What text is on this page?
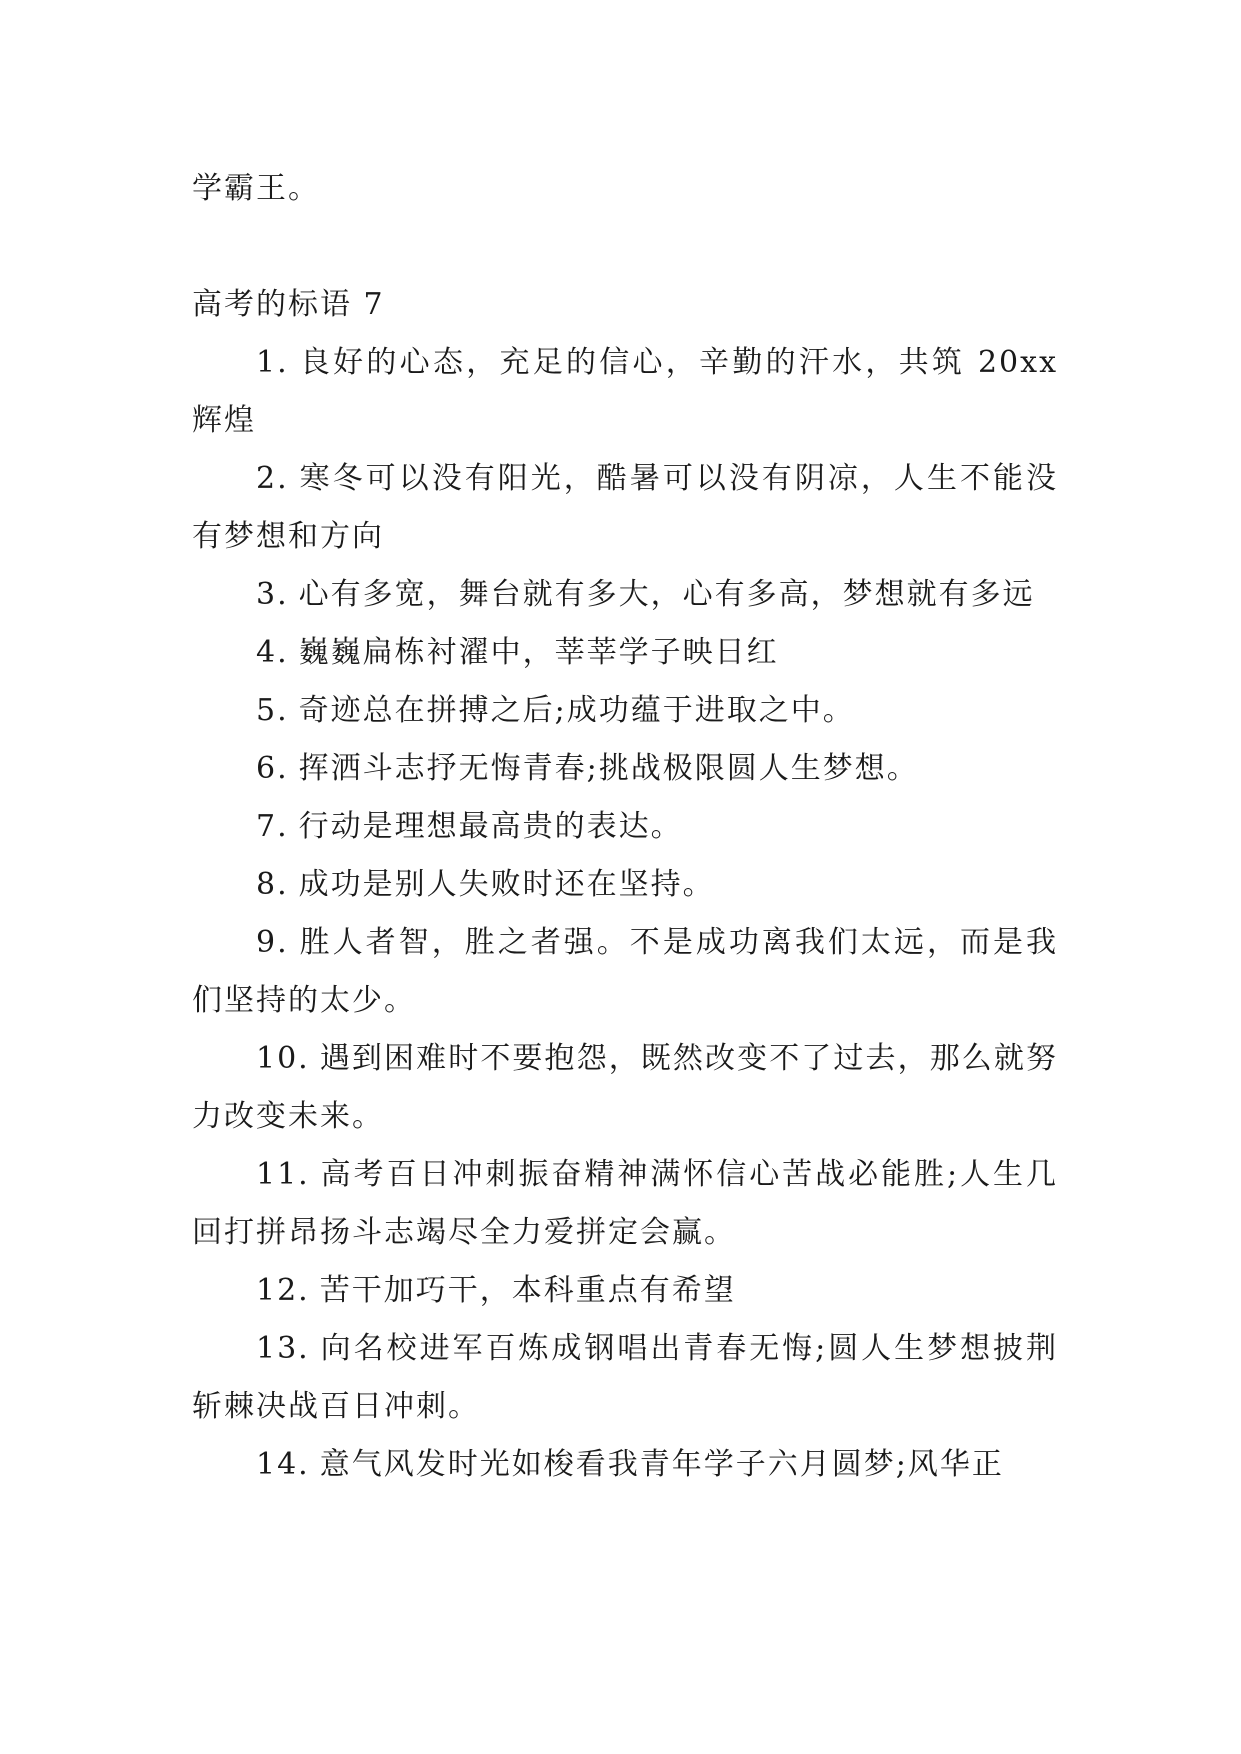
学霸王。
高考的标语 7
1. 良好的心态，充足的信心，辛勤的汗水，共筑 20xx 辉煌
2. 寒冬可以没有阳光，酷暑可以没有阴凉，人生不能没有梦想和方向
3. 心有多宽，舞台就有多大，心有多高，梦想就有多远
4. 巍巍扁栋衬濯中，莘莘学子映日红
5. 奇迹总在拼搏之后;成功蕴于进取之中。
6. 挥洒斗志抒无悔青春;挑战极限圆人生梦想。
7. 行动是理想最高贵的表达。
8. 成功是别人失败时还在坚持。
9. 胜人者智，胜之者强。不是成功离我们太远，而是我们坚持的太少。
10. 遇到困难时不要抱怨，既然改变不了过去，那么就努力改变未来。
11. 高考百日冲刺振奋精神满怀信心苦战必能胜;人生几回打拼昂扬斗志竭尽全力爱拼定会赢。
12. 苦干加巧干，本科重点有希望
13. 向名校进军百炼成钢唱出青春无悔;圆人生梦想披荆斩棘决战百日冲刺。
14. 意气风发时光如梭看我青年学子六月圆梦;风华正
